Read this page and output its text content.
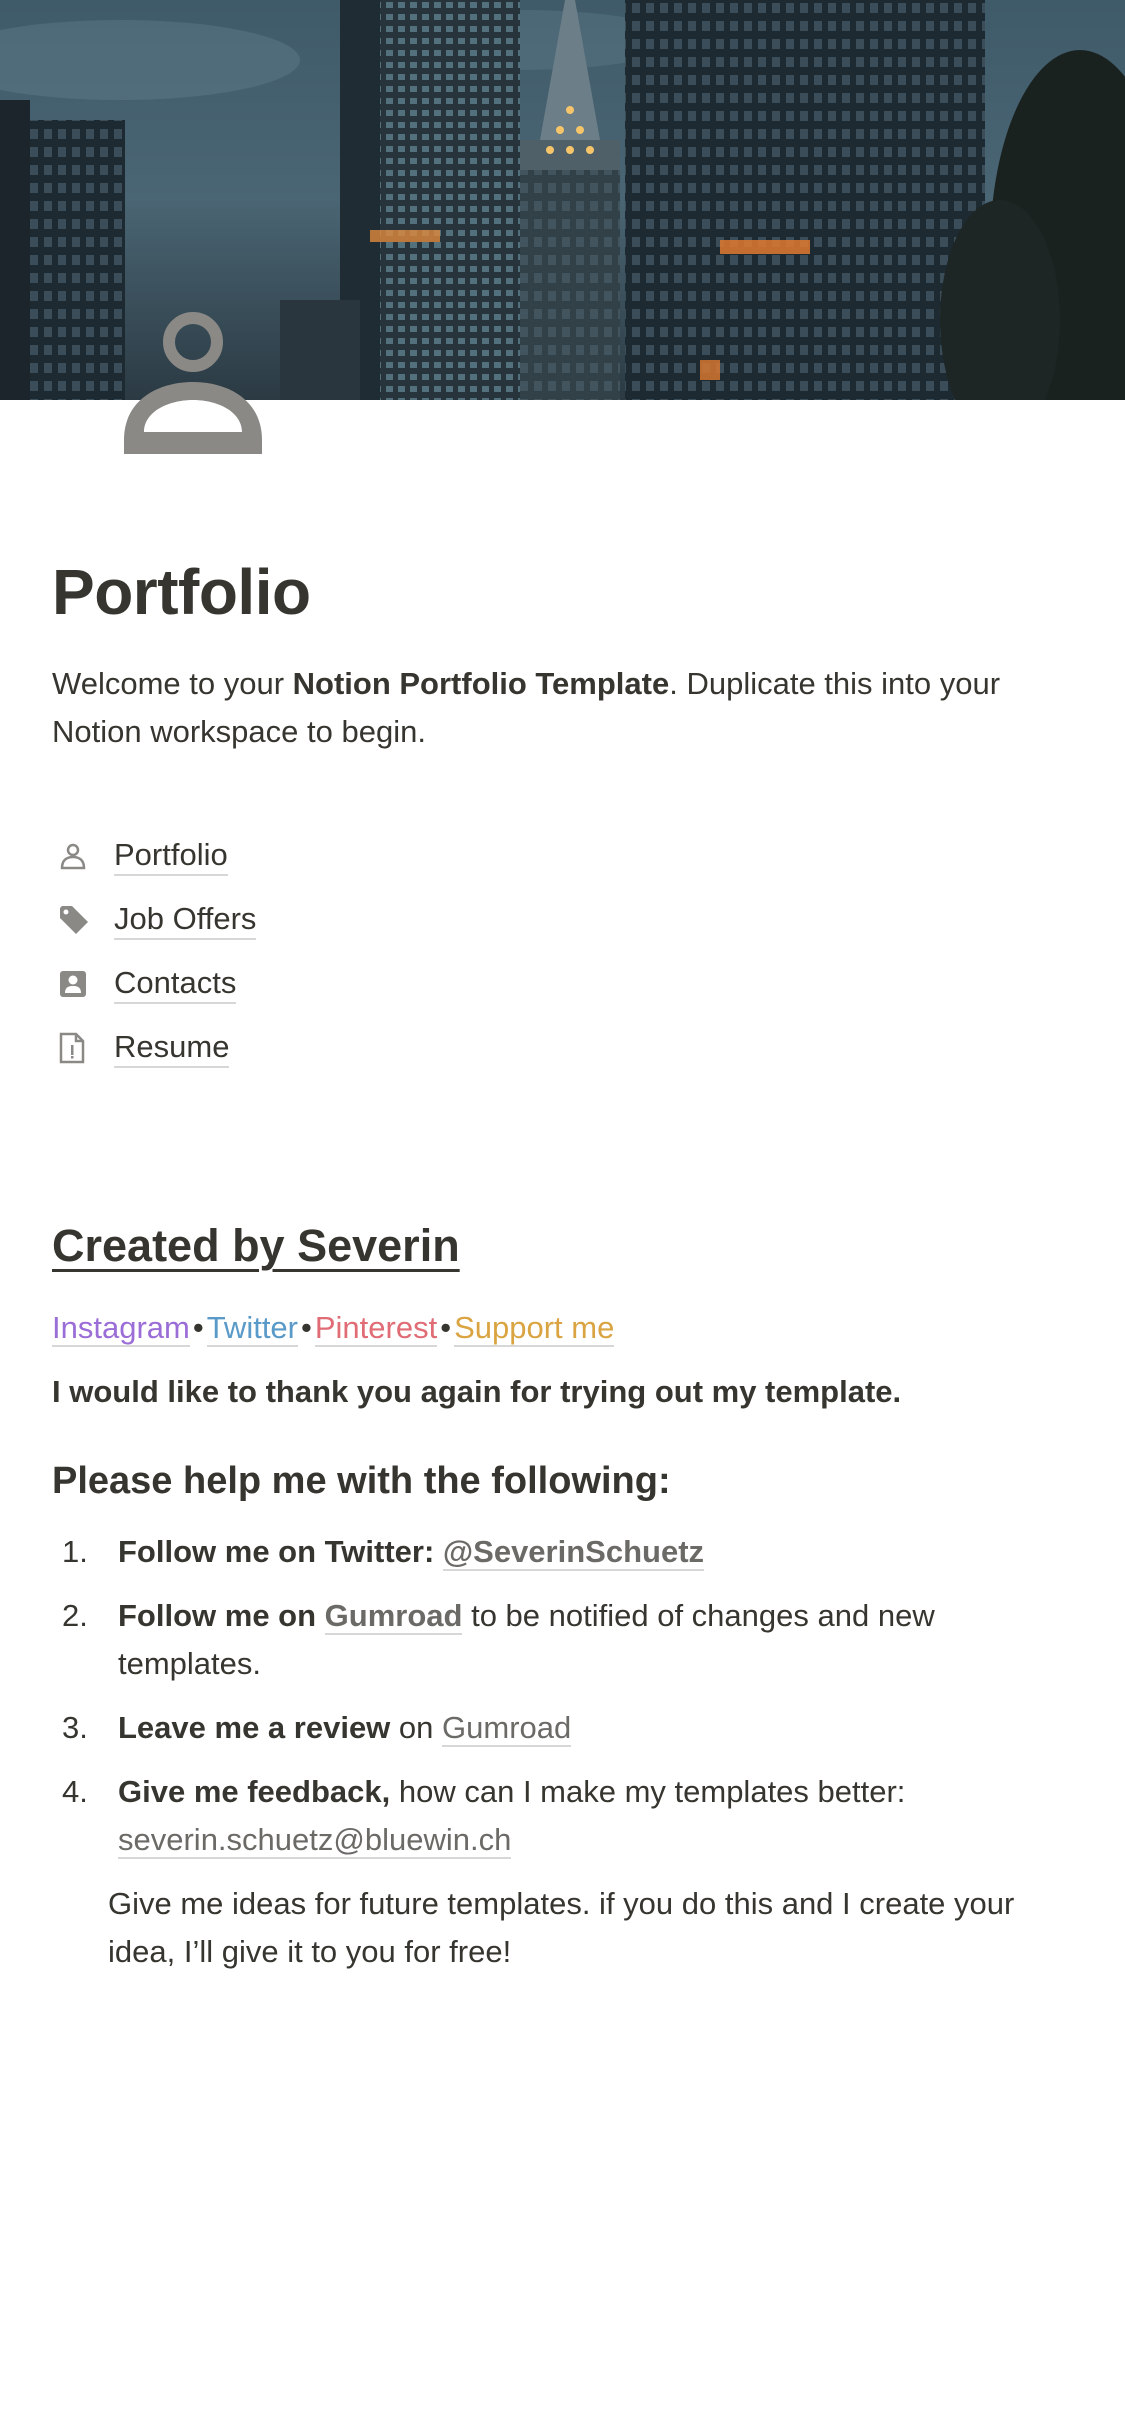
Portfolio

Welcome to your Notion Portfolio Template. Duplicate this into your Notion workspace to begin.

Portfolio
Job Offers
Contacts
Resume
Created by Severin
Instagram•Twitter•Pinterest•Support me

I would like to thank you again for trying out my template.

Please help me with the following:
1. Follow me on Twitter: @SeverinSchuetz
2. Follow me on Gumroad to be notified of changes and new templates.
3. Leave me a review on Gumroad
4. Give me feedback, how can I make my templates better: severin.schuetz@bluewin.ch

Give me ideas for future templates. if you do this and I create your idea, I’ll give it to you for free!
